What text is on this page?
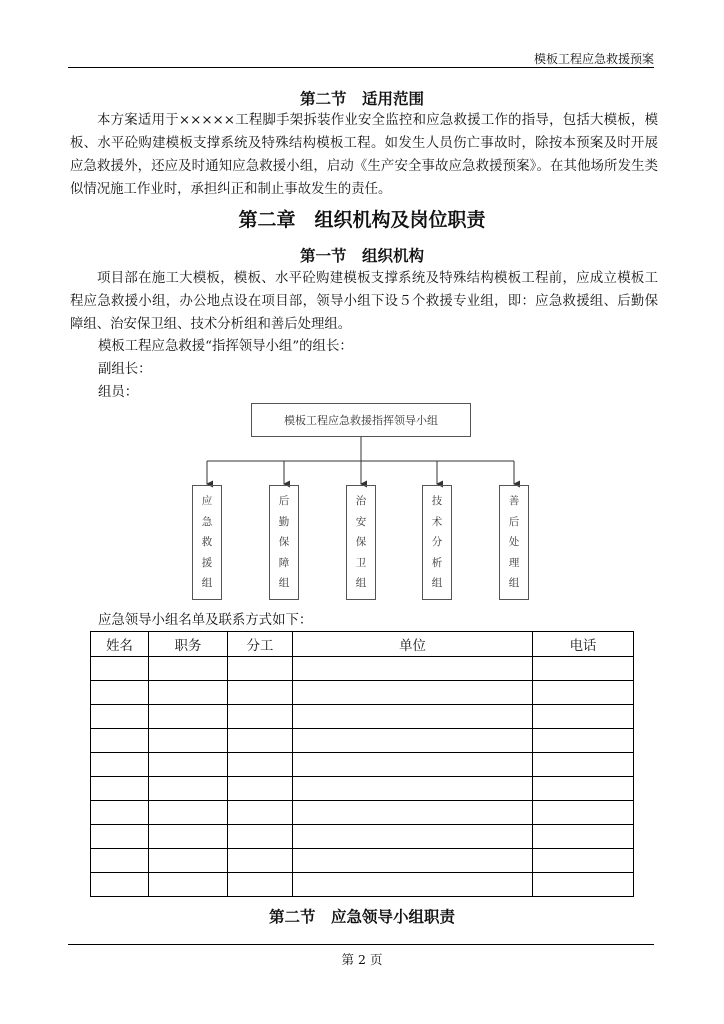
模板工程应急救援预案
第二节　适用范围

本方案适用于×××××工程脚手架拆装作业安全监控和应急救援工作的指导，包括大模板，模板、水平砼购建模板支撑系统及特殊结构模板工程。如发生人员伤亡事故时，除按本预案及时开展应急救援外，还应及时通知应急救援小组，启动《生产安全事故应急救援预案》。在其他场所发生类似情况施工作业时，承担纠正和制止事故发生的责任。

第二章　组织机构及岗位职责
第一节　组织机构

项目部在施工大模板，模板、水平砼购建模板支撑系统及特殊结构模板工程前，应成立模板工程应急救援小组，办公地点设在项目部，领导小组下设５个救援专业组，即：应急救援组、后勤保障组、治安保卫组、技术分析组和善后处理组。

模板工程应急救援“指挥领导小组”的组长：
副组长：
组员：
模板工程应急救援指挥领导小组
应
急
救
援
组
后
勤
保
障
组
治
安
保
卫
组
技
术
分
析
组
善
后
处
理
组
应急领导小组名单及联系方式如下：
姓名	职务	分工	单位	电话

第二节　应急领导小组职责
第 2 页
